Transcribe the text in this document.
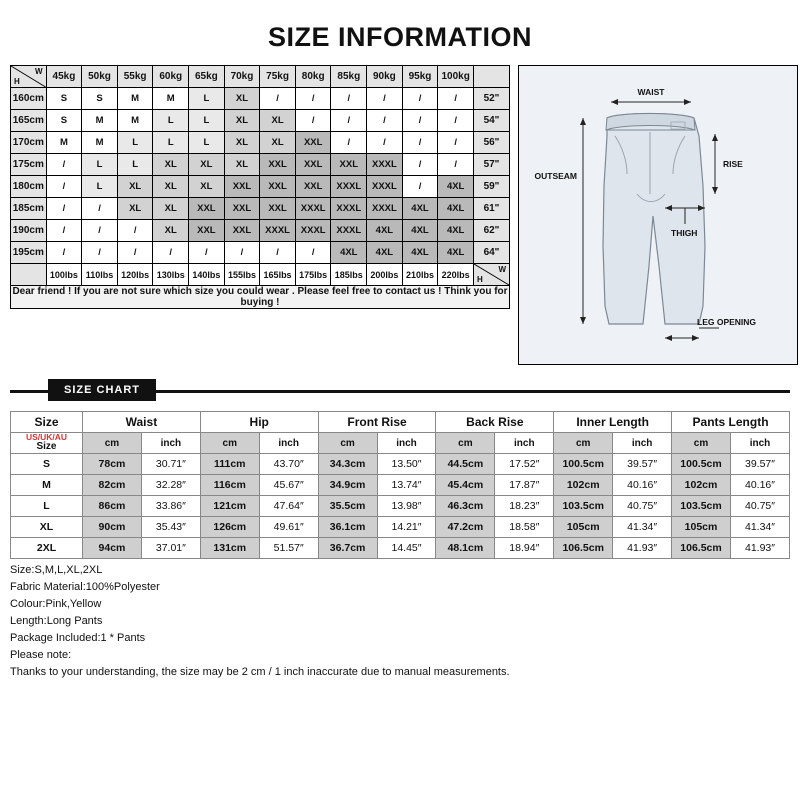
SIZE INFORMATION
H
W	45kg	50kg	55kg	60kg	65kg	70kg	75kg	80kg	85kg	90kg	95kg	100kg	
160cm	S	S	M	M	L	XL	/	/	/	/	/	/	52"
165cm	S	M	M	L	L	XL	XL	/	/	/	/	/	54"
170cm	M	M	L	L	L	XL	XL	XXL	/	/	/	/	56"
175cm	/	L	L	XL	XL	XL	XXL	XXL	XXL	XXXL	/	/	57"
180cm	/	L	XL	XL	XL	XXL	XXL	XXL	XXXL	XXXL	/	4XL	59"
185cm	/	/	XL	XL	XXL	XXL	XXL	XXXL	XXXL	XXXL	4XL	4XL	61"
190cm	/	/	/	XL	XXL	XXL	XXXL	XXXL	XXXL	4XL	4XL	4XL	62"
195cm	/	/	/	/	/	/	/	/	4XL	4XL	4XL	4XL	64"
	100lbs	110lbs	120lbs	130lbs	140lbs	155lbs	165lbs	175lbs	185lbs	200lbs	210lbs	220lbs	W
H

Dear friend ! If you are not sure which size you could wear . Please feel free to contact us ! Think you for buying !													
WAIST
RISE
OUTSEAM
THIGH
LEG OPENING
SIZE CHART
Size	Waist		Hip		Front Rise		Back Rise		Inner Length		Pants Length	

US/UK/AU
Size	cm	inch	cm	inch	cm	inch	cm	inch	cm	inch	cm	inch
S	78cm	30.71″	111cm	43.70″	34.3cm	13.50″	44.5cm	17.52″	100.5cm	39.57″	100.5cm	39.57″
M	82cm	32.28″	116cm	45.67″	34.9cm	13.74″	45.4cm	17.87″	102cm	40.16″	102cm	40.16″
L	86cm	33.86″	121cm	47.64″	35.5cm	13.98″	46.3cm	18.23″	103.5cm	40.75″	103.5cm	40.75″
XL	90cm	35.43″	126cm	49.61″	36.1cm	14.21″	47.2cm	18.58″	105cm	41.34″	105cm	41.34″
2XL	94cm	37.01″	131cm	51.57″	36.7cm	14.45″	48.1cm	18.94″	106.5cm	41.93″	106.5cm	41.93″
Size:S,M,L,XL,2XL
Fabric Material:100%Polyester
Colour:Pink,Yellow
Length:Long Pants
Package Included:1 * Pants
Please note:
Thanks to your understanding, the size may be 2 cm / 1 inch inaccurate due to manual measurements.
